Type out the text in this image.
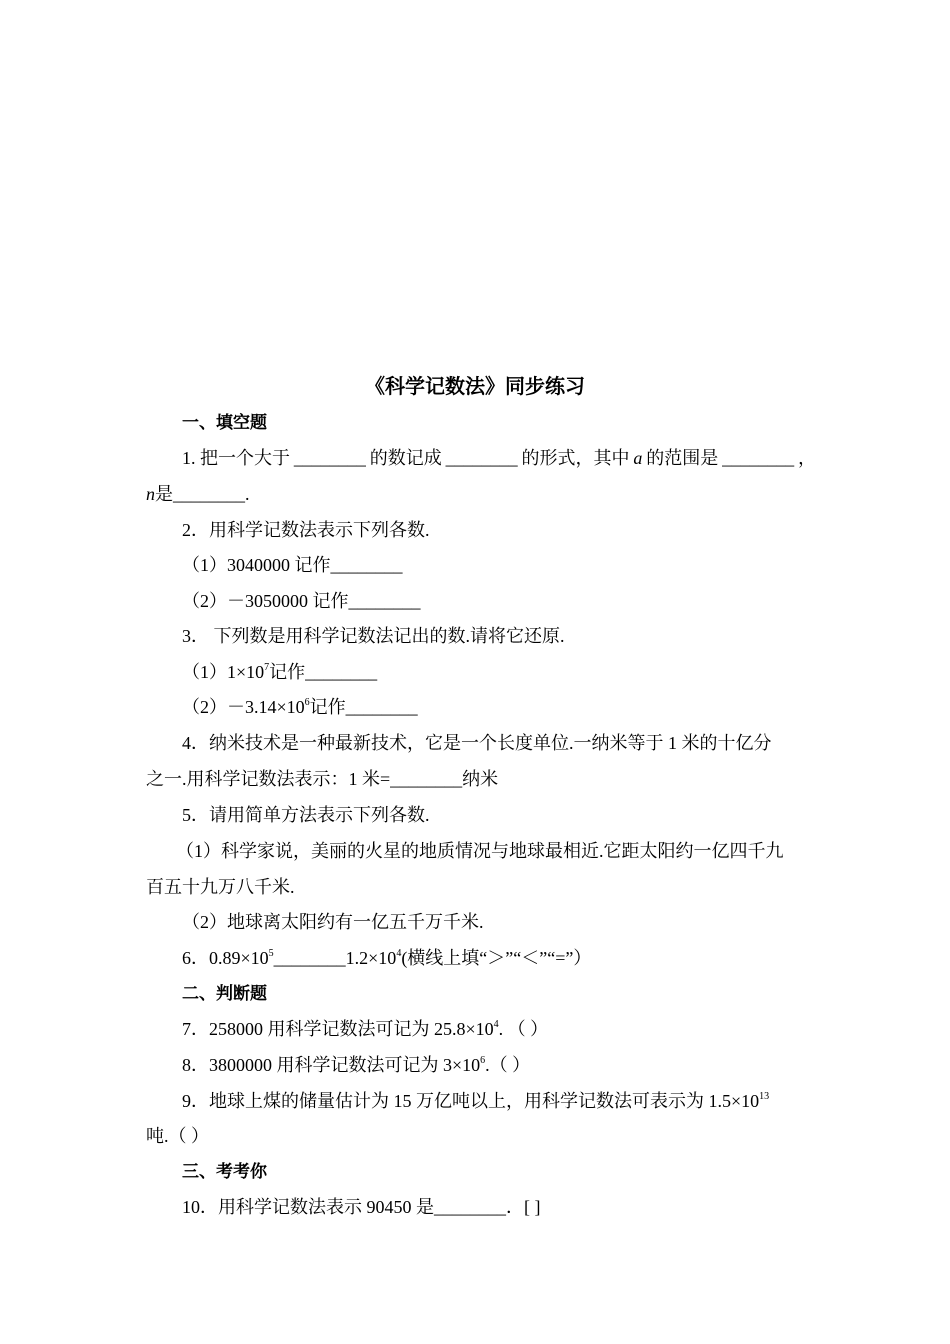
《科学记数法》同步练习
一、填空题
1. 把一个大于 ________ 的数记成 ________ 的形式，其中 a 的范围是 ________ ，
n是________.
2．用科学记数法表示下列各数.
（1）3040000 记作________
（2）－3050000 记作________
3． 下列数是用科学记数法记出的数.请将它还原.
$(1)1\times 10^7$记作________
$(2)-3.14\times 10^6$记作________
4．纳米技术是一种最新技术，它是一个长度单位.一纳米等于 1 米的十亿分
之一.用科学记数法表示：1 米=________纳米
5．请用简单方法表示下列各数.
（1）科学家说，美丽的火星的地质情况与地球最相近.它距太阳约一亿四千九
百五十九万八千米.
（2）地球离太阳约有一亿五千万千米.
6．$0.89\times 10^5\_\_\_\_\_\_\_\_1.2\times 10^4$(横线上填“＞”“＜”“=”）
二、判断题
7．258000 用科学记数法可记为 $25.8\times 10^4$. （ ）
8．3800000 用科学记数法可记为 $3\times 10^6$.（ ）
9．地球上煤的储量估计为 15 万亿吨以上，用科学记数法可表示为 $1.5\times 10^{13}$
吨.（ ）
三、考考你
10．用科学记数法表示 90450 是________．[ ]
